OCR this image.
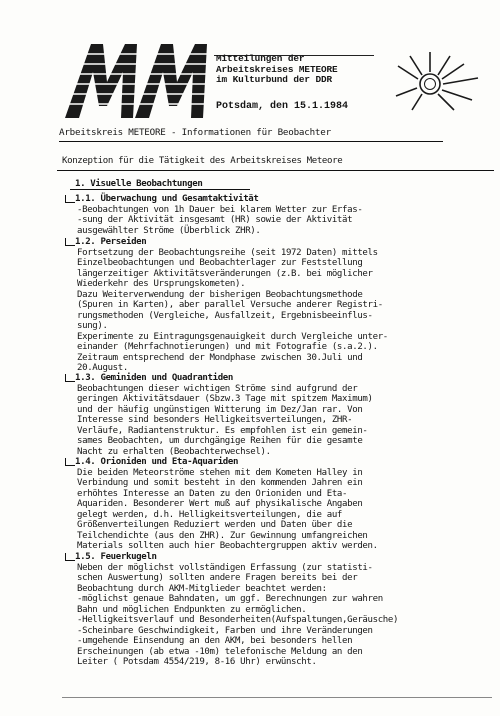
Mitteilungen der
Arbeitskreises METEORE
im Kulturbund der DDR
Potsdam, den 15.1.1984
Arbeitskreis METEORE - Informationen für Beobachter
Konzeption für die Tätigkeit des Arbeitskreises Meteore
1. Visuelle Beobachtungen
1.1. Überwachung und Gesamtaktivität

-Beobachtungen von 1h Dauer bei klarem Wetter zur Erfas-

-sung der Aktivität insgesamt (HR) sowie der Aktivität

ausgewählter Ströme (Überblick ZHR).

1.2. Perseiden

Fortsetzung der Beobachtungsreihe (seit 1972 Daten) mittels

Einzelbeobachtungen und Beobachterlager zur Feststellung

längerzeitiger Aktivitätsveränderungen (z.B. bei möglicher

Wiederkehr des Ursprungskometen).

Dazu Weiterverwendung der bisherigen Beobachtungsmethode

(Spuren in Karten), aber parallel Versuche anderer Registri-

rungsmethoden (Vergleiche, Ausfallzeit, Ergebnisbeeinflus-

sung).

Experimente zu Eintragungsgenauigkeit durch Vergleiche unter-

einander (Mehrfachnotierungen) und mit Fotografie (s.a.2.).

Zeitraum entsprechend der Mondphase zwischen 30.Juli und

20.August.

1.3. Geminiden und Quadrantiden

Beobachtungen dieser wichtigen Ströme sind aufgrund der

geringen Aktivitätsdauer (Sbzw.3 Tage mit spitzem Maximum)

und der häufig ungünstigen Witterung im Dez/Jan rar. Von

Interesse sind besonders Helligkeitsverteilungen, ZHR-

Verläufe, Radiantenstruktur. Es empfohlen ist ein gemein-

sames Beobachten, um durchgängige Reihen für die gesamte

Nacht zu erhalten (Beobachterwechsel).

1.4. Orioniden und Eta-Aquariden

Die beiden Meteorströme stehen mit dem Kometen Halley in

Verbindung und somit besteht in den kommenden Jahren ein

erhöhtes Interesse an Daten zu den Orioniden und Eta-

Aquariden. Besonderer Wert muß auf physikalische Angaben

gelegt werden, d.h. Helligkeitsverteilungen, die auf

Größenverteilungen Reduziert werden und Daten über die

Teilchendichte (aus den ZHR). Zur Gewinnung umfangreichen

Materials sollten auch hier Beobachtergruppen aktiv werden.

1.5. Feuerkugeln

Neben der möglichst vollständigen Erfassung (zur statisti-

schen Auswertung) sollten andere Fragen bereits bei der

Beobachtung durch AKM-Mitglieder beachtet werden:

-möglichst genaue Bahndaten, um ggf. Berechnungen zur wahren

Bahn und möglichen Endpunkten zu ermöglichen.

-Helligkeitsverlauf und Besonderheiten(Aufspaltungen,Geräusche)

-Scheinbare Geschwindigkeit, Farben und ihre Veränderungen

-umgehende Einsendung an den AKM, bei besonders hellen

Erscheinungen (ab etwa -10m) telefonische Meldung an den

Leiter ( Potsdam 4554/219, 8-16 Uhr) erwünscht.
